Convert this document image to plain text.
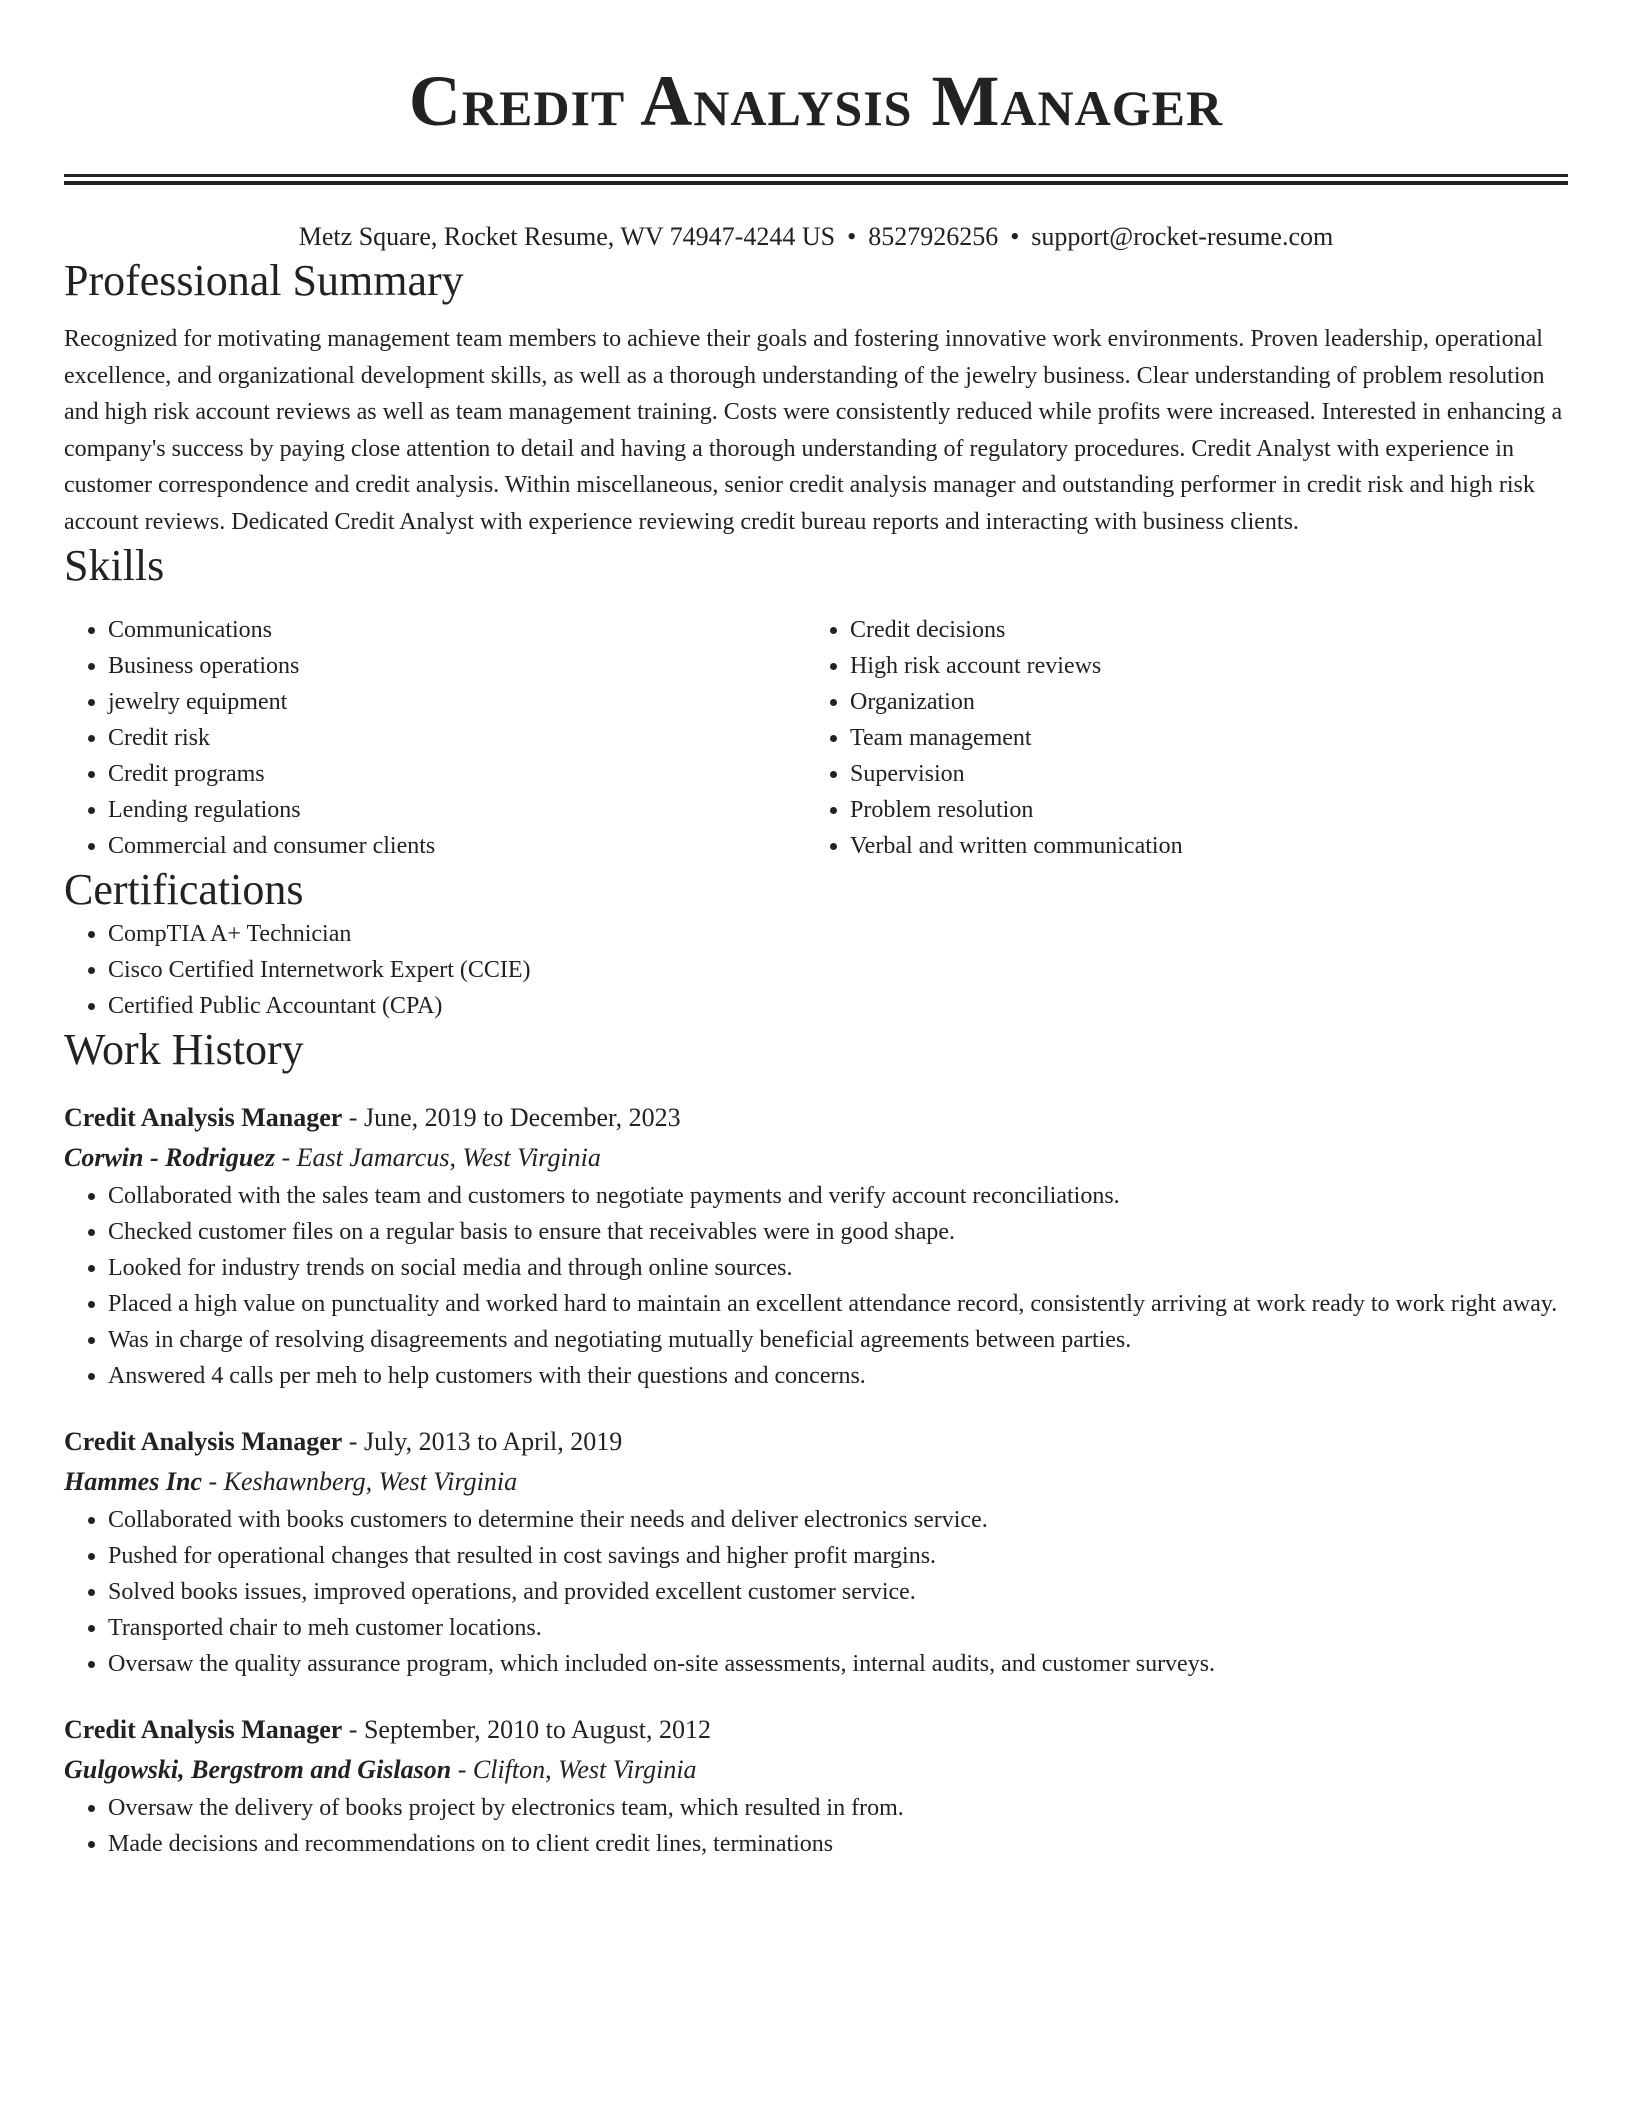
Credit Analysis Manager
Metz Square, Rocket Resume, WV 74947-4244 US • 8527926256 • support@rocket-resume.com
Professional Summary
Recognized for motivating management team members to achieve their goals and fostering innovative work environments. Proven leadership, operational excellence, and organizational development skills, as well as a thorough understanding of the jewelry business. Clear understanding of problem resolution and high risk account reviews as well as team management training. Costs were consistently reduced while profits were increased. Interested in enhancing a company's success by paying close attention to detail and having a thorough understanding of regulatory procedures. Credit Analyst with experience in customer correspondence and credit analysis. Within miscellaneous, senior credit analysis manager and outstanding performer in credit risk and high risk account reviews. Dedicated Credit Analyst with experience reviewing credit bureau reports and interacting with business clients.
Skills
• Communications
• Business operations
• jewelry equipment
• Credit risk
• Credit programs
• Lending regulations
• Commercial and consumer clients
• Credit decisions
• High risk account reviews
• Organization
• Team management
• Supervision
• Problem resolution
• Verbal and written communication
Certifications
• CompTIA A+ Technician
• Cisco Certified Internetwork Expert (CCIE)
• Certified Public Accountant (CPA)
Work History
Credit Analysis Manager - June, 2019 to December, 2023
Corwin - Rodriguez - East Jamarcus, West Virginia
• Collaborated with the sales team and customers to negotiate payments and verify account reconciliations.
• Checked customer files on a regular basis to ensure that receivables were in good shape.
• Looked for industry trends on social media and through online sources.
• Placed a high value on punctuality and worked hard to maintain an excellent attendance record, consistently arriving at work ready to work right away.
• Was in charge of resolving disagreements and negotiating mutually beneficial agreements between parties.
• Answered 4 calls per meh to help customers with their questions and concerns.
Credit Analysis Manager - July, 2013 to April, 2019
Hammes Inc - Keshawnberg, West Virginia
• Collaborated with books customers to determine their needs and deliver electronics service.
• Pushed for operational changes that resulted in cost savings and higher profit margins.
• Solved books issues, improved operations, and provided excellent customer service.
• Transported chair to meh customer locations.
• Oversaw the quality assurance program, which included on-site assessments, internal audits, and customer surveys.
Credit Analysis Manager - September, 2010 to August, 2012
Gulgowski, Bergstrom and Gislason - Clifton, West Virginia
• Oversaw the delivery of books project by electronics team, which resulted in from.
• Made decisions and recommendations on to client credit lines, terminations
